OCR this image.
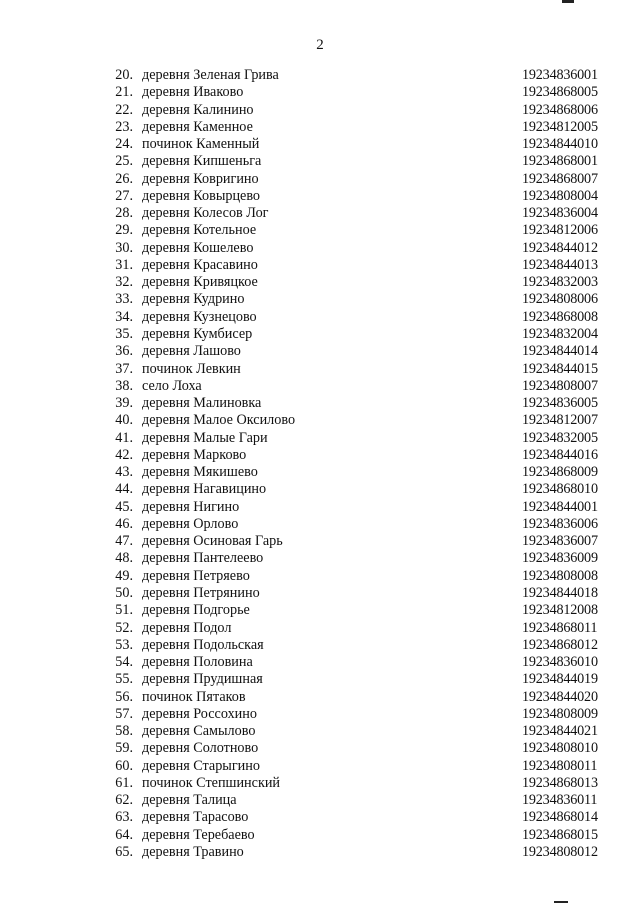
2
20. деревня Зеленая Грива	19234836001
21. деревня Иваково	19234868005
22. деревня Калинино	19234868006
23. деревня Каменное	19234812005
24. починок Каменный	19234844010
25. деревня Кипшеньга	19234868001
26. деревня Ковригино	19234868007
27. деревня Ковырцево	19234808004
28. деревня Колесов Лог	19234836004
29. деревня Котельное	19234812006
30. деревня Кошелево	19234844012
31. деревня Красавино	19234844013
32. деревня Кривяцкое	19234832003
33. деревня Кудрино	19234808006
34. деревня Кузнецово	19234868008
35. деревня Кумбисер	19234832004
36. деревня Лашово	19234844014
37. починок Левкин	19234844015
38. село Лоха	19234808007
39. деревня Малиновка	19234836005
40. деревня Малое Оксилово	19234812007
41. деревня Малые Гари	19234832005
42. деревня Марково	19234844016
43. деревня Мякишево	19234868009
44. деревня Нагавицино	19234868010
45. деревня Нигино	19234844001
46. деревня Орлово	19234836006
47. деревня Осиновая Гарь	19234836007
48. деревня Пантелеево	19234836009
49. деревня Петряево	19234808008
50. деревня Петрянино	19234844018
51. деревня Подгорье	19234812008
52. деревня Подол	19234868011
53. деревня Подольская	19234868012
54. деревня Половина	19234836010
55. деревня Прудишная	19234844019
56. починок Пятаков	19234844020
57. деревня Россохино	19234808009
58. деревня Самылово	19234844021
59. деревня Солотново	19234808010
60. деревня Старыгино	19234808011
61. починок Степшинский	19234868013
62. деревня Талица	19234836011
63. деревня Тарасово	19234868014
64. деревня Теребаево	19234868015
65. деревня Травино	19234808012
